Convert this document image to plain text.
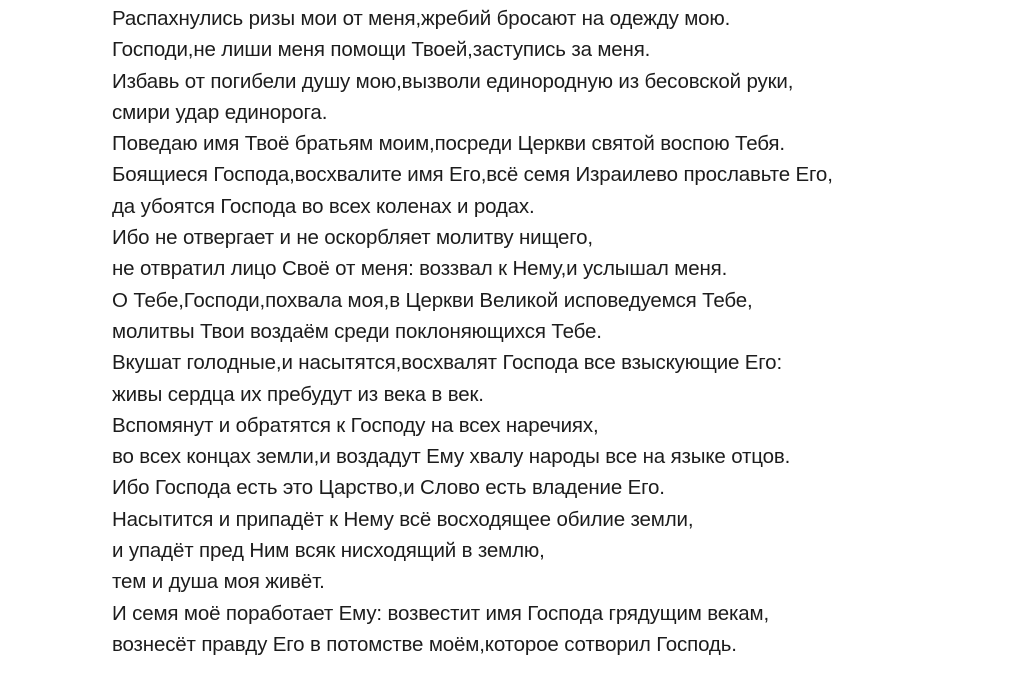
Распахнулись ризы мои от меня,жребий бросают на одежду мою.
Господи,не лиши меня помощи Твоей,заступись за меня.
Избавь от погибели душу мою,вызволи единородную из бесовской руки,
смири удар единорога.
Поведаю имя Твоё братьям моим,посреди Церкви святой воспою Тебя.
Боящиеся Господа,восхвалите имя Его,всё семя Израилево прославьте Его,
да убоятся Господа во всех коленах и родах.
Ибо не отвергает и не оскорбляет молитву нищего,
не отвратил лицо Своё от меня: воззвал к Нему,и услышал меня.
О Тебе,Господи,похвала моя,в Церкви Великой исповедуемся Тебе,
молитвы Твои воздаём среди поклоняющихся Тебе.
Вкушат голодные,и насытятся,восхвалят Господа все взыскующие Его:
живы сердца их пребудут из века в век.
Вспомянут и обратятся к Господу на всех наречиях,
во всех концах земли,и воздадут Ему хвалу народы все на языке отцов.
Ибо Господа есть это Царство,и Слово есть владение Его.
Насытится и припадёт к Нему всё восходящее обилие земли,
и упадёт пред Ним всяк нисходящий в землю,
тем и душа моя живёт.
И семя моё поработает Ему: возвестит имя Господа грядущим векам,
вознесёт правду Его в потомстве моём,которое сотворил Господь.
